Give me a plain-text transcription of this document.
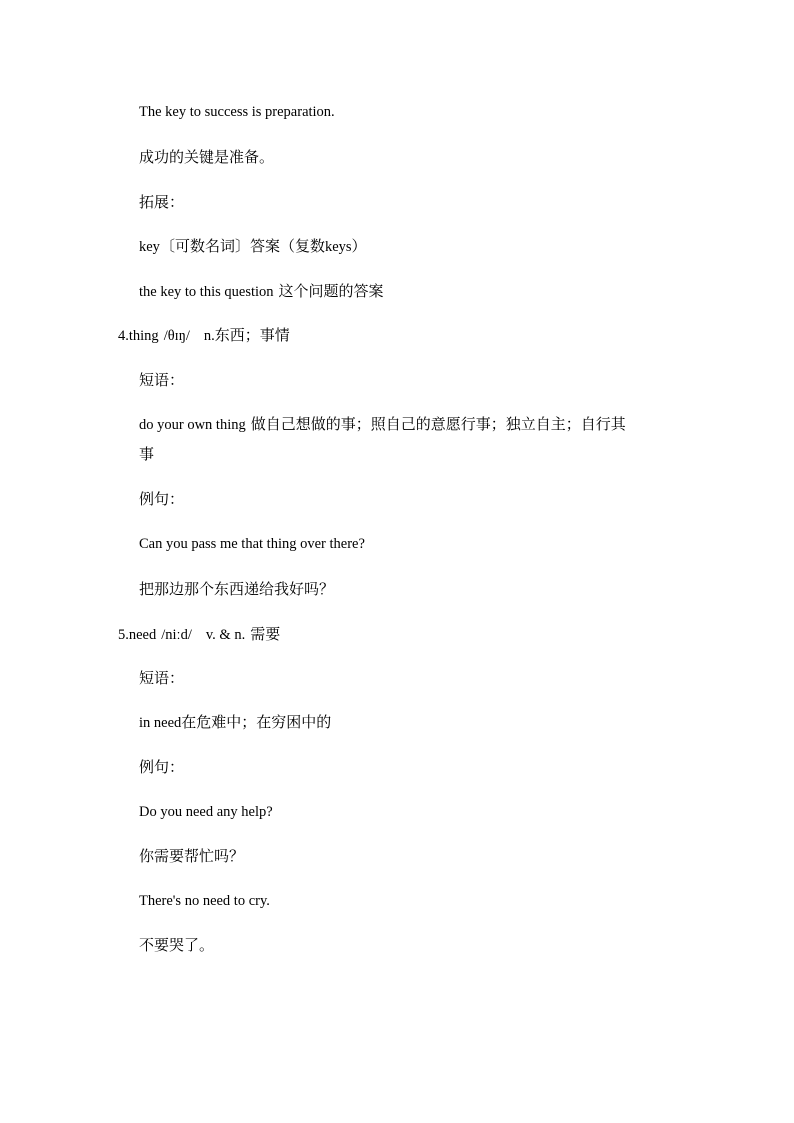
The key to success is preparation.
成功的关键是准备。
拓展：
key〔可数名词〕答案（复数keys）
the key to this question 这个问题的答案
4.thing /θɪŋ/ n.东西；事情
短语：
do your own thing 做自己想做的事；照自己的意愿行事；独立自主；自行其
事
例句：
Can you pass me that thing over there?
把那边那个东西递给我好吗？
5.need /niːd/ v. & n. 需要
短语：
in need在危难中；在穷困中的
例句：
Do you need any help?
你需要帮忙吗？
There's no need to cry.
不要哭了。
